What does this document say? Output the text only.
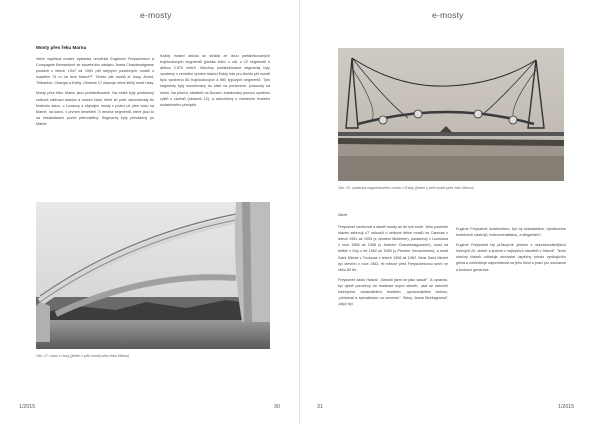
e-mosty
Mosty přes řeku Marnu

Velmi úspěšná mostní výstavba umožnila Eugènovi Freyssinetovi a Compagnie Bernardové ze stavebního zástavu Jeana Chaudesaiguese postavit v letech 1947 až 1951 pět stejných podobných mostů s rozpětím 74 m na řece Marně⁴³. Těchto pět mostů je Ussy, Annet, Trilbardou, Changis a Esbly. Obrázek 17 ukazuje velmi štíhlý most Ussy.

Mosty přes řeku Marnu jsou prefabrikované. Na místě byly postaveny celkové odlévací stanice a mostní části, které se poté namontovaly do finálního stavu, v Luzancy a zbývající mosty v pozici už přes vodu na Marně, na konci, v prvním desetiletí. S mnoha segmentů, které jsou tu na nestandardní pozici přemostěny. Segmenty byly převáženy po Marně.

Každý mostní oblouk se skládá ze dvou prefabrikovaných trojkloubových segmentů (ploška ležící u zdi, o 12 segmentů s délkou 2.670 metrů. Všechny prefabrikované segmenty byly vyrobeny v centrální výrobní stanici Esbly, kde pro těchto pět mostů bylo vyrobeno 80 trojkloubových a 560 typových segmentů. Tyto segmenty byly smontovány do částí na pontonech, posunuty na místo. Na plochu, stavitelé na Durach, instalovány pomocí systému cyklů s závěsů (obrázek 13), a dokončeny s vnesením trvalého dodatečného předpětí.

Obr. 17: most v Ussy (jeden z pěti mostů přes řeku Marnu)
1/2015	30
e-mosty
Obr. 13: výstavba segmentového mostu v Esbly (jeden z pěti mostů přes řeku Marnu)

Závěr

Freyssinet navrhoval a stavěl mosty až do své smrti. Jeho poslední stavbu zahrnují 47 oblouků o celkové délce mostů na Carecas v letech 1951 až 1953 (s Jeanem Mullerem), postavený v Louisiana v roce 1956 až 1958 (s Jeanem Chaudesaiguesem), most na letiště v Orly z let 1962 až 1959 (s Pierrem Xercavinsem), a most Saint Michel v Toulouse v letech 1958 až 1962. Most Saint Michel byl otevřen v roce 1962, tři měsíce před Freyssinetovou smrtí ve věku 83 let.

Freyssinet často říkával: „Narodil jsem se jako stavař". A opravdu, byl úplně ponořený do realizace svých staveb, „stal se zároveň inženýrem, dodavatelem, tesařem, „spracovatelem betonu, „očekával a specialistou na cementu". Stavy Jeana Montagnona¹, „když byl

Eugène Freyssinet hudebníkem, byl by skladatelem, vynálezcem hudebních nástrojů, instrumentalistou, a dirigentem".

Eugène Freyssinet byl průkopník „jedním z nejuniverzálnějších inženýrů 20. století a jedním z nejlepších stavitelů v historii". Tento stručný článek odhaluje obrovské úspěchy tohoto vynikajícího génia a zohledňuje odpovědnost za jeho život a práci pro současné a budoucí generace.

31	1/2015
